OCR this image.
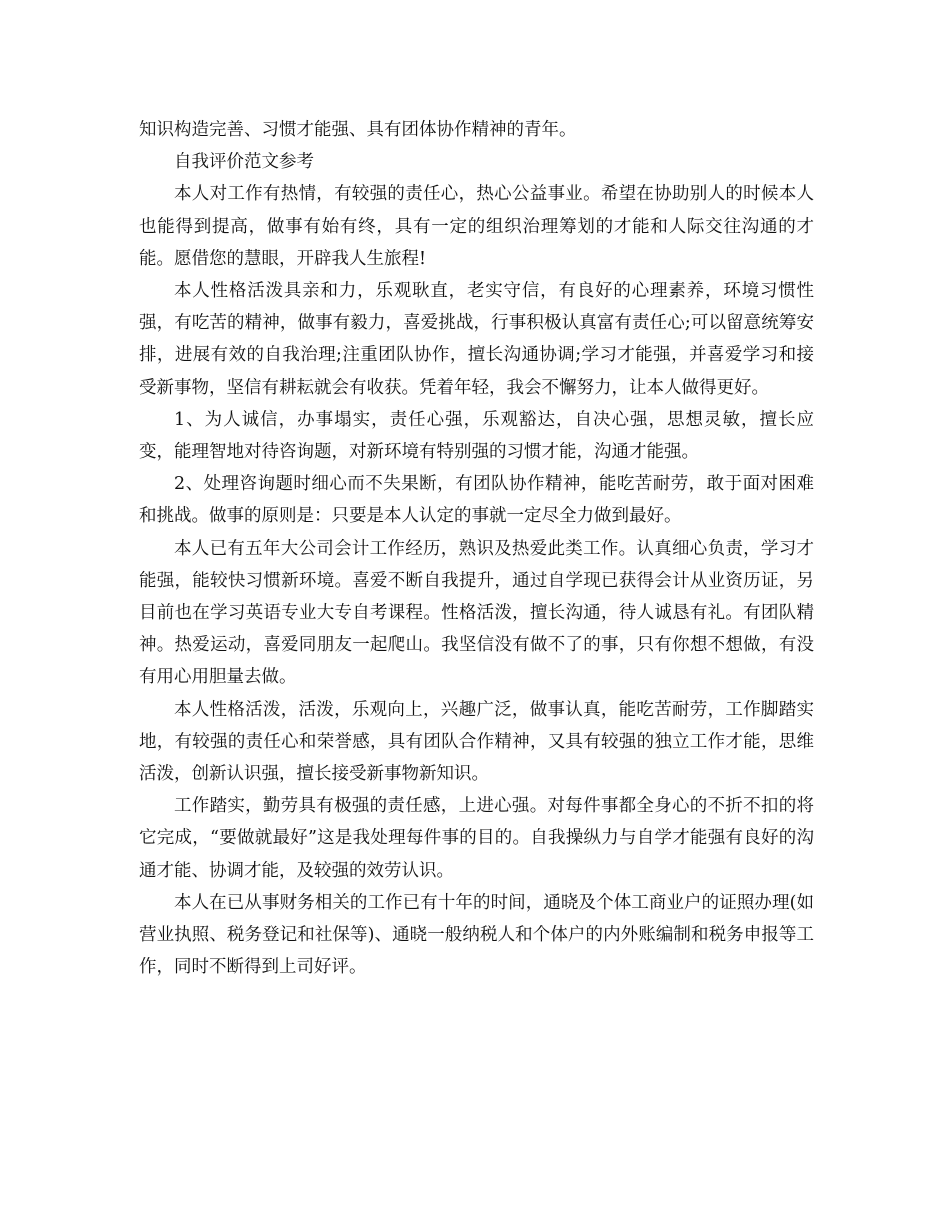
知识构造完善、习惯才能强、具有团体协作精神的青年。

自我评价范文参考

本人对工作有热情，有较强的责任心，热心公益事业。希望在协助别人的时候本人也能得到提高，做事有始有终，具有一定的组织治理筹划的才能和人际交往沟通的才能。愿借您的慧眼，开辟我人生旅程!

本人性格活泼具亲和力，乐观耿直，老实守信，有良好的心理素养，环境习惯性强，有吃苦的精神，做事有毅力，喜爱挑战，行事积极认真富有责任心;可以留意统筹安排，进展有效的自我治理;注重团队协作，擅长沟通协调;学习才能强，并喜爱学习和接受新事物，坚信有耕耘就会有收获。凭着年轻，我会不懈努力，让本人做得更好。

1、为人诚信，办事塌实，责任心强，乐观豁达，自决心强，思想灵敏，擅长应变，能理智地对待咨询题，对新环境有特别强的习惯才能，沟通才能强。

2、处理咨询题时细心而不失果断，有团队协作精神，能吃苦耐劳，敢于面对困难和挑战。做事的原则是：只要是本人认定的事就一定尽全力做到最好。

本人已有五年大公司会计工作经历，熟识及热爱此类工作。认真细心负责，学习才能强，能较快习惯新环境。喜爱不断自我提升，通过自学现已获得会计从业资历证，另目前也在学习英语专业大专自考课程。性格活泼，擅长沟通，待人诚恳有礼。有团队精神。热爱运动，喜爱同朋友一起爬山。我坚信没有做不了的事，只有你想不想做，有没有用心用胆量去做。

本人性格活泼，活泼，乐观向上，兴趣广泛，做事认真，能吃苦耐劳，工作脚踏实地，有较强的责任心和荣誉感，具有团队合作精神，又具有较强的独立工作才能，思维活泼，创新认识强，擅长接受新事物新知识。

工作踏实，勤劳具有极强的责任感，上进心强。对每件事都全身心的不折不扣的将它完成，“要做就最好”这是我处理每件事的目的。自我操纵力与自学才能强有良好的沟通才能、协调才能，及较强的效劳认识。

本人在已从事财务相关的工作已有十年的时间，通晓及个体工商业户的证照办理(如营业执照、税务登记和社保等)、通晓一般纳税人和个体户的内外账编制和税务申报等工作，同时不断得到上司好评。
